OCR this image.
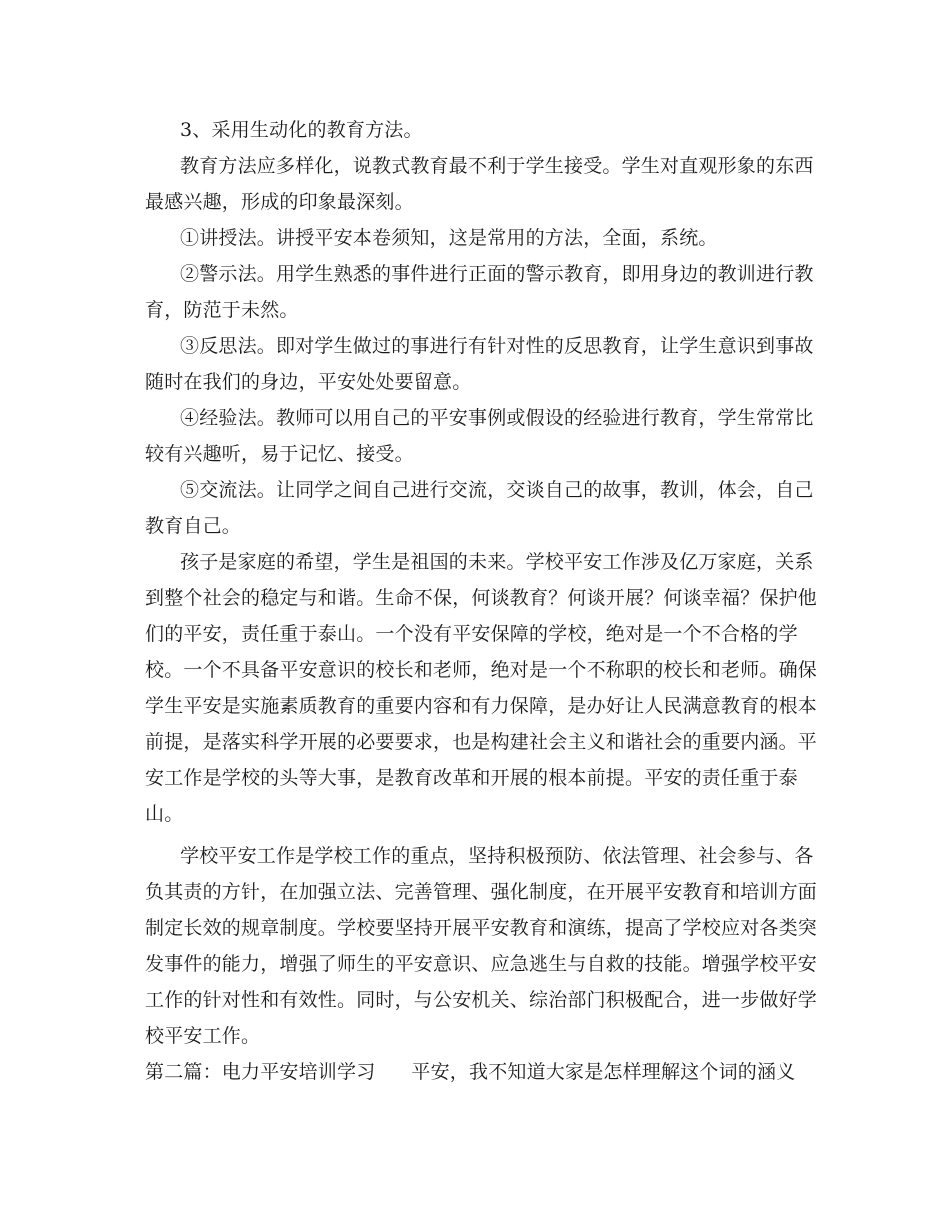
3、采用生动化的教育方法。
教育方法应多样化，说教式教育最不利于学生接受。学生对直观形象的东西
最感兴趣，形成的印象最深刻。
①讲授法。讲授平安本卷须知，这是常用的方法，全面，系统。
②警示法。用学生熟悉的事件进行正面的警示教育，即用身边的教训进行教
育，防范于未然。
③反思法。即对学生做过的事进行有针对性的反思教育，让学生意识到事故
随时在我们的身边，平安处处要留意。
④经验法。教师可以用自己的平安事例或假设的经验进行教育，学生常常比
较有兴趣听，易于记忆、接受。
⑤交流法。让同学之间自己进行交流，交谈自己的故事，教训，体会，自己
教育自己。
孩子是家庭的希望，学生是祖国的未来。学校平安工作涉及亿万家庭，关系
到整个社会的稳定与和谐。生命不保，何谈教育？何谈开展？何谈幸福？保护他
们的平安，责任重于泰山。一个没有平安保障的学校，绝对是一个不合格的学
校。一个不具备平安意识的校长和老师，绝对是一个不称职的校长和老师。确保
学生平安是实施素质教育的重要内容和有力保障，是办好让人民满意教育的根本
前提，是落实科学开展的必要要求，也是构建社会主义和谐社会的重要内涵。平
安工作是学校的头等大事，是教育改革和开展的根本前提。平安的责任重于泰
山。
学校平安工作是学校工作的重点，坚持积极预防、依法管理、社会参与、各
负其责的方针，在加强立法、完善管理、强化制度，在开展平安教育和培训方面
制定长效的规章制度。学校要坚持开展平安教育和演练，提高了学校应对各类突
发事件的能力，增强了师生的平安意识、应急逃生与自救的技能。增强学校平安
工作的针对性和有效性。同时，与公安机关、综治部门积极配合，进一步做好学
校平安工作。
第二篇：电力平安培训学习 平安，我不知道大家是怎样理解这个词的涵义
